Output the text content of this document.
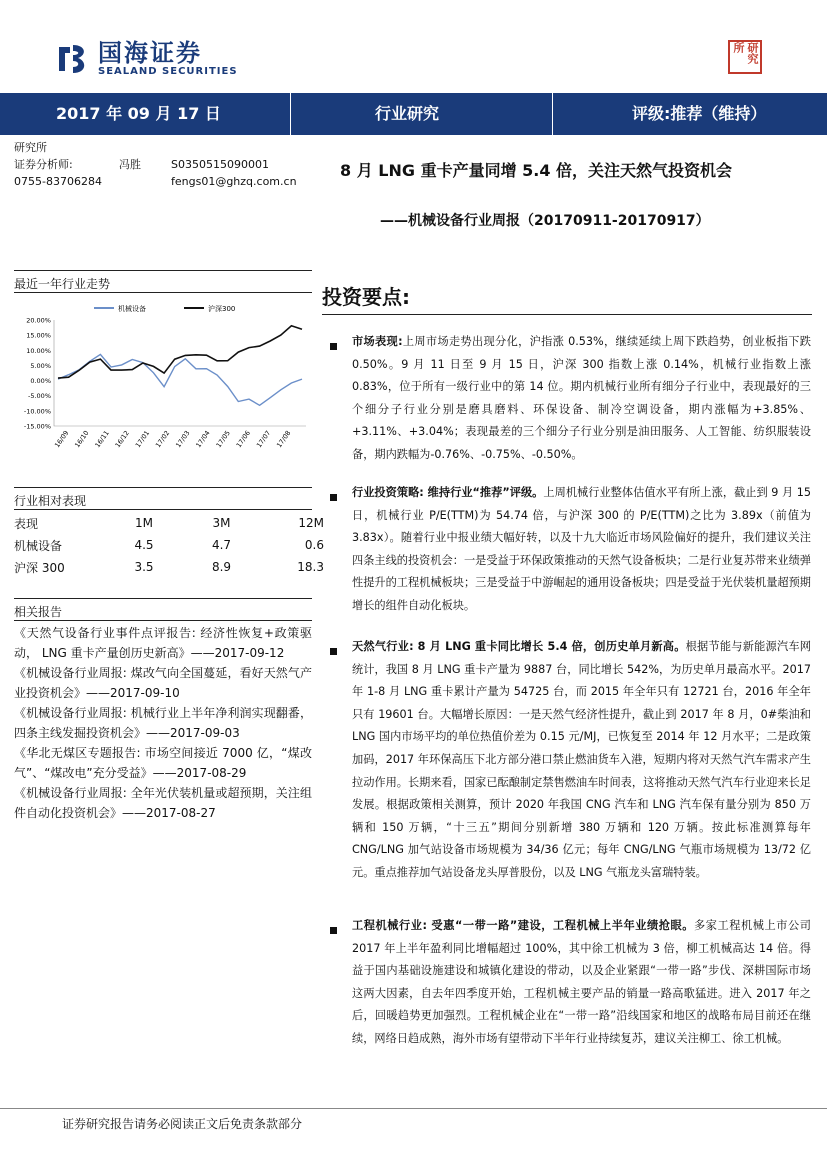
国海证券
SEALAND SECURITIES
研究所
2017 年 09 月 17 日	行业研究	评级:推荐（维持）
研究所
证券分析师:	冯胜	S0350515090001
0755-83706284	fengs01@ghzq.com.cn
8 月 LNG 重卡产量同增 5.4 倍，关注天然气投资机会
——机械设备行业周报（20170911-20170917）
最近一年行业走势
机械设备	沪深300
20.00%
15.00%
10.00%
5.00%
0.00%
-5.00%
-10.00%
-15.00%
16/09 16/10 16/11 16/12 17/01 17/02 17/03 17/04 17/05 17/06 17/07 17/08
行业相对表现
表现	1M	3M	12M
机械设备	4.5	4.7	0.6
沪深 300	3.5	8.9	18.3
相关报告
《天然气设备行业事件点评报告: 经济性恢复+政策驱动， LNG 重卡产量创历史新高》——2017-09-12
《机械设备行业周报: 煤改气向全国蔓延，看好天然气产业投资机会》——2017-09-10
《机械设备行业周报: 机械行业上半年净利润实现翻番，四条主线发掘投资机会》——2017-09-03
《华北无煤区专题报告: 市场空间接近 7000 亿，“煤改气”、“煤改电”充分受益》——2017-08-29
《机械设备行业周报: 全年光伏装机量或超预期，关注组件自动化投资机会》——2017-08-27
投资要点:
市场表现:上周市场走势出现分化，沪指涨 0.53%，继续延续上周下跌趋势，创业板指下跌 0.50%。9 月 11 日至 9 月 15 日，沪深 300 指数上涨 0.14%，机械行业指数上涨 0.83%，位于所有一级行业中的第 14 位。期内机械行业所有细分子行业中，表现最好的三个细分子行业分别是磨具磨料、环保设备、制冷空调设备，期内涨幅为+3.85%、+3.11%、+3.04%；表现最差的三个细分子行业分别是油田服务、人工智能、纺织服装设备，期内跌幅为-0.76%、-0.75%、-0.50%。
行业投资策略: 维持行业“推荐”评级。上周机械行业整体估值水平有所上涨，截止到 9 月 15 日，机械行业 P/E(TTM)为 54.74 倍，与沪深 300 的 P/E(TTM)之比为 3.89x（前值为 3.83x）。随着行业中报业绩大幅好转，以及十九大临近市场风险偏好的提升，我们建议关注四条主线的投资机会：一是受益于环保政策推动的天然气设备板块；二是行业复苏带来业绩弹性提升的工程机械板块；三是受益于中游崛起的通用设备板块；四是受益于光伏装机量超预期增长的组件自动化板块。
天然气行业: 8 月 LNG 重卡同比增长 5.4 倍，创历史单月新高。根据节能与新能源汽车网统计，我国 8 月 LNG 重卡产量为 9887 台，同比增长 542%，为历史单月最高水平。2017 年 1-8 月 LNG 重卡累计产量为 54725 台，而 2015 年全年只有 12721 台，2016 年全年只有 19601 台。大幅增长原因：一是天然气经济性提升，截止到 2017 年 8 月，0#柴油和 LNG 国内市场平均的单位热值价差为 0.15 元/MJ，已恢复至 2014 年 12 月水平；二是政策加码，2017 年环保高压下北方部分港口禁止燃油货车入港，短期内将对天然气汽车需求产生拉动作用。长期来看，国家已酝酿制定禁售燃油车时间表，这将推动天然气汽车行业迎来长足发展。根据政策相关测算，预计 2020 年我国 CNG 汽车和 LNG 汽车保有量分别为 850 万辆和 150 万辆，“十三五”期间分别新增 380 万辆和 120 万辆。按此标准测算每年 CNG/LNG 加气站设备市场规模为 34/36 亿元；每年 CNG/LNG 气瓶市场规模为 13/72 亿元。重点推荐加气站设备龙头厚普股份，以及 LNG 气瓶龙头富瑞特装。
工程机械行业: 受惠“一带一路”建设，工程机械上半年业绩抢眼。多家工程机械上市公司 2017 年上半年盈利同比增幅超过 100%，其中徐工机械为 3 倍，柳工机械高达 14 倍。得益于国内基础设施建设和城镇化建设的带动，以及企业紧跟“一带一路”步伐、深耕国际市场这两大因素，自去年四季度开始，工程机械主要产品的销量一路高歌猛进。进入 2017 年之后，回暖趋势更加强烈。工程机械企业在“一带一路”沿线国家和地区的战略布局目前还在继续，网络日趋成熟，海外市场有望带动下半年行业持续复苏，建议关注柳工、徐工机械。
证券研究报告请务必阅读正文后免责条款部分
